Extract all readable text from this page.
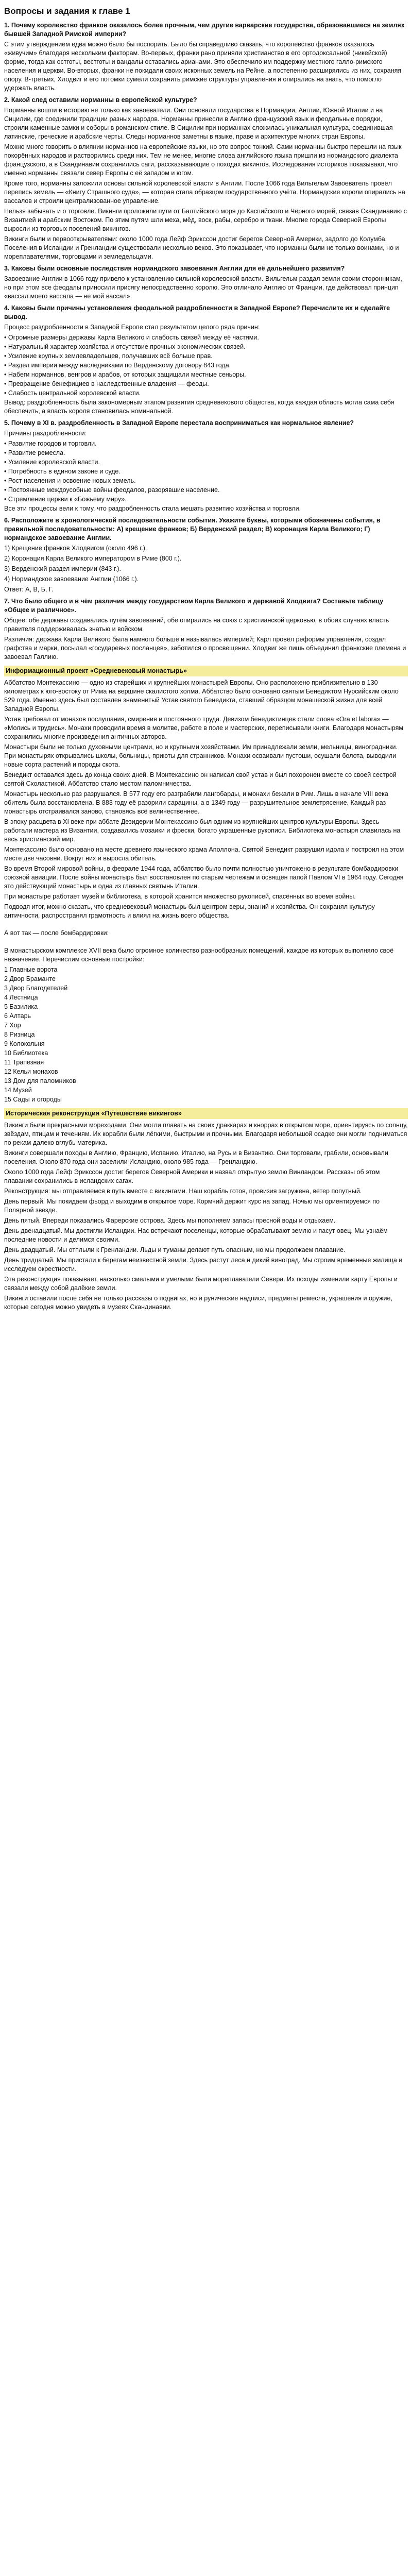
Вопросы и задания к главе 1

1. Почему королевство франков оказалось более прочным, чем другие варварские государства, образовавшиеся на землях бывшей Западной Римской империи?

С этим утверждением едва можно было бы поспорить. Было бы справедливо сказать, что королевство франков оказалось «живучим» благодаря нескольким факторам. Во-первых, франки рано приняли христианство в его ортодоксальной (никейской) форме, тогда как остготы, вестготы и вандалы оставались арианами. Это обеспечило им поддержку местного галло-римского населения и церкви. Во-вторых, франки не покидали своих исконных земель на Рейне, а постепенно расширялись из них, сохраняя опору. В-третьих, Хлодвиг и его потомки сумели сохранить римские структуры управления и опирались на знать, что помогло удержать власть.

2. Какой след оставили норманны в европейской культуре?

Норманны вошли в историю не только как завоеватели. Они основали государства в Нормандии, Англии, Южной Италии и на Сицилии, где соединили традиции разных народов. Норманны принесли в Англию французский язык и феодальные порядки, строили каменные замки и соборы в романском стиле. В Сицилии при норманнах сложилась уникальная культура, соединившая латинские, греческие и арабские черты. Следы норманнов заметны в языке, праве и архитектуре многих стран Европы.

Можно много говорить о влиянии норманнов на европейские языки, но это вопрос тонкий. Сами норманны быстро перешли на язык покорённых народов и растворились среди них. Тем не менее, многие слова английского языка пришли из нормандского диалекта французского, а в Скандинавии сохранились саги, рассказывающие о походах викингов. Исследования историков показывают, что именно норманны связали север Европы с её западом и югом.

Кроме того, норманны заложили основы сильной королевской власти в Англии. После 1066 года Вильгельм Завоеватель провёл перепись земель — «Книгу Страшного суда», — которая стала образцом государственного учёта. Нормандские короли опирались на вассалов и строили централизованное управление.

Нельзя забывать и о торговле. Викинги проложили пути от Балтийского моря до Каспийского и Чёрного морей, связав Скандинавию с Византией и арабским Востоком. По этим путям шли меха, мёд, воск, рабы, серебро и ткани. Многие города Северной Европы выросли из торговых поселений викингов.

Викинги были и первооткрывателями: около 1000 года Лейф Эрикссон достиг берегов Северной Америки, задолго до Колумба. Поселения в Исландии и Гренландии существовали несколько веков. Это показывает, что норманны были не только воинами, но и мореплавателями, торговцами и земледельцами.

3. Каковы были основные последствия нормандского завоевания Англии для её дальнейшего развития?

Завоевание Англии в 1066 году привело к установлению сильной королевской власти. Вильгельм раздал земли своим сторонникам, но при этом все феодалы приносили присягу непосредственно королю. Это отличало Англию от Франции, где действовал принцип «вассал моего вассала — не мой вассал».

4. Каковы были причины установления феодальной раздробленности в Западной Европе? Перечислите их и сделайте вывод.

Процесс раздробленности в Западной Европе стал результатом целого ряда причин:

• Огромные размеры державы Карла Великого и слабость связей между её частями.

• Натуральный характер хозяйства и отсутствие прочных экономических связей.

• Усиление крупных землевладельцев, получавших всё больше прав.

• Раздел империи между наследниками по Верденскому договору 843 года.

• Набеги норманнов, венгров и арабов, от которых защищали местные сеньоры.

• Превращение бенефициев в наследственные владения — феоды.

• Слабость центральной королевской власти.

Вывод: раздробленность была закономерным этапом развития средневекового общества, когда каждая область могла сама себя обеспечить, а власть короля становилась номинальной.

5. Почему в XI в. раздробленность в Западной Европе перестала восприниматься как нормальное явление?

Причины раздробленности:

• Развитие городов и торговли.

• Развитие ремесла.

• Усиление королевской власти.

• Потребность в едином законе и суде.

• Рост населения и освоение новых земель.

• Постоянные междоусобные войны феодалов, разорявшие население.

• Стремление церкви к «Божьему миру».

Все эти процессы вели к тому, что раздробленность стала мешать развитию хозяйства и торговли.

6. Расположите в хронологической последовательности события. Укажите буквы, которыми обозначены события, в правильной последовательности: А) крещение франков; Б) Верденский раздел; В) коронация Карла Великого; Г) нормандское завоевание Англии.

1) Крещение франков Хлодвигом (около 496 г.).

2) Коронация Карла Великого императором в Риме (800 г.).

3) Верденский раздел империи (843 г.).

4) Нормандское завоевание Англии (1066 г.).

Ответ: А, В, Б, Г.

7. Что было общего и в чём различия между государством Карла Великого и державой Хлодвига? Составьте таблицу «Общее и различное».

Общее: обе державы создавались путём завоеваний, обе опирались на союз с христианской церковью, в обоих случаях власть правителя поддерживалась знатью и войском.

Различия: держава Карла Великого была намного больше и называлась империей; Карл провёл реформы управления, создал графства и марки, посылал «государевых посланцев», заботился о просвещении. Хлодвиг же лишь объединил франкские племена и завоевал Галлию.

Информационный проект «Средневековый монастырь»

Аббатство Монтекассино — одно из старейших и крупнейших монастырей Европы. Оно расположено приблизительно в 130 километрах к юго-востоку от Рима на вершине скалистого холма. Аббатство было основано святым Бенедиктом Нурсийским около 529 года. Именно здесь был составлен знаменитый Устав святого Бенедикта, ставший образцом монашеской жизни для всей Западной Европы.

Устав требовал от монахов послушания, смирения и постоянного труда. Девизом бенедиктинцев стали слова «Ora et labora» — «Молись и трудись». Монахи проводили время в молитве, работе в поле и мастерских, переписывали книги. Благодаря монастырям сохранились многие произведения античных авторов.

Монастыри были не только духовными центрами, но и крупными хозяйствами. Им принадлежали земли, мельницы, виноградники. При монастырях открывались школы, больницы, приюты для странников. Монахи осваивали пустоши, осушали болота, выводили новые сорта растений и породы скота.

Бенедикт оставался здесь до конца своих дней. В Монтекассино он написал свой устав и был похоронен вместе со своей сестрой святой Схоластикой. Аббатство стало местом паломничества.

Монастырь несколько раз разрушался. В 577 году его разграбили лангобарды, и монахи бежали в Рим. Лишь в начале VIII века обитель была восстановлена. В 883 году её разорили сарацины, а в 1349 году — разрушительное землетрясение. Каждый раз монастырь отстраивался заново, становясь всё величественнее.

В эпоху расцвета в XI веке при аббате Дезидерии Монтекассино был одним из крупнейших центров культуры Европы. Здесь работали мастера из Византии, создавались мозаики и фрески, богато украшенные рукописи. Библиотека монастыря славилась на весь христианский мир.

Монтекассино было основано на месте древнего языческого храма Аполлона. Святой Бенедикт разрушил идола и построил на этом месте две часовни. Вокруг них и выросла обитель.

Во время Второй мировой войны, в феврале 1944 года, аббатство было почти полностью уничтожено в результате бомбардировки союзной авиации. После войны монастырь был восстановлен по старым чертежам и освящён папой Павлом VI в 1964 году. Сегодня это действующий монастырь и одна из главных святынь Италии.

При монастыре работает музей и библиотека, в которой хранится множество рукописей, спасённых во время войны.

Подводя итог, можно сказать, что средневековый монастырь был центром веры, знаний и хозяйства. Он сохранял культуру античности, распространял грамотность и влиял на жизнь всего общества.

А вот так — после бомбардировки:

В монастырском комплексе XVII века было огромное количество разнообразных помещений, каждое из которых выполняло своё назначение. Перечислим основные постройки:

1 Главные ворота

2 Двор Браманте

3 Двор Благодетелей

4 Лестница

5 Базилика

6 Алтарь

7 Хор

8 Ризница

9 Колокольня

10 Библиотека

11 Трапезная

12 Кельи монахов

13 Дом для паломников

14 Музей

15 Сады и огороды

Историческая реконструкция «Путешествие викингов»

Викинги были прекрасными мореходами. Они могли плавать на своих драккарах и кноррах в открытом море, ориентируясь по солнцу, звёздам, птицам и течениям. Их корабли были лёгкими, быстрыми и прочными. Благодаря небольшой осадке они могли подниматься по рекам далеко вглубь материка.

Викинги совершали походы в Англию, Францию, Испанию, Италию, на Русь и в Византию. Они торговали, грабили, основывали поселения. Около 870 года они заселили Исландию, около 985 года — Гренландию.

Около 1000 года Лейф Эрикссон достиг берегов Северной Америки и назвал открытую землю Винландом. Рассказы об этом плавании сохранились в исландских сагах.

Реконструкция: мы отправляемся в путь вместе с викингами. Наш корабль готов, провизия загружена, ветер попутный.

День первый. Мы покидаем фьорд и выходим в открытое море. Кормчий держит курс на запад. Ночью мы ориентируемся по Полярной звезде.

День пятый. Впереди показались Фарерские острова. Здесь мы пополняем запасы пресной воды и отдыхаем.

День двенадцатый. Мы достигли Исландии. Нас встречают поселенцы, которые обрабатывают землю и пасут овец. Мы узнаём последние новости и делимся своими.

День двадцатый. Мы отплыли к Гренландии. Льды и туманы делают путь опасным, но мы продолжаем плавание.

День тридцатый. Мы пристали к берегам неизвестной земли. Здесь растут леса и дикий виноград. Мы строим временные жилища и исследуем окрестности.

Эта реконструкция показывает, насколько смелыми и умелыми были мореплаватели Севера. Их походы изменили карту Европы и связали между собой далёкие земли.

Викинги оставили после себя не только рассказы о подвигах, но и рунические надписи, предметы ремесла, украшения и оружие, которые сегодня можно увидеть в музеях Скандинавии.
